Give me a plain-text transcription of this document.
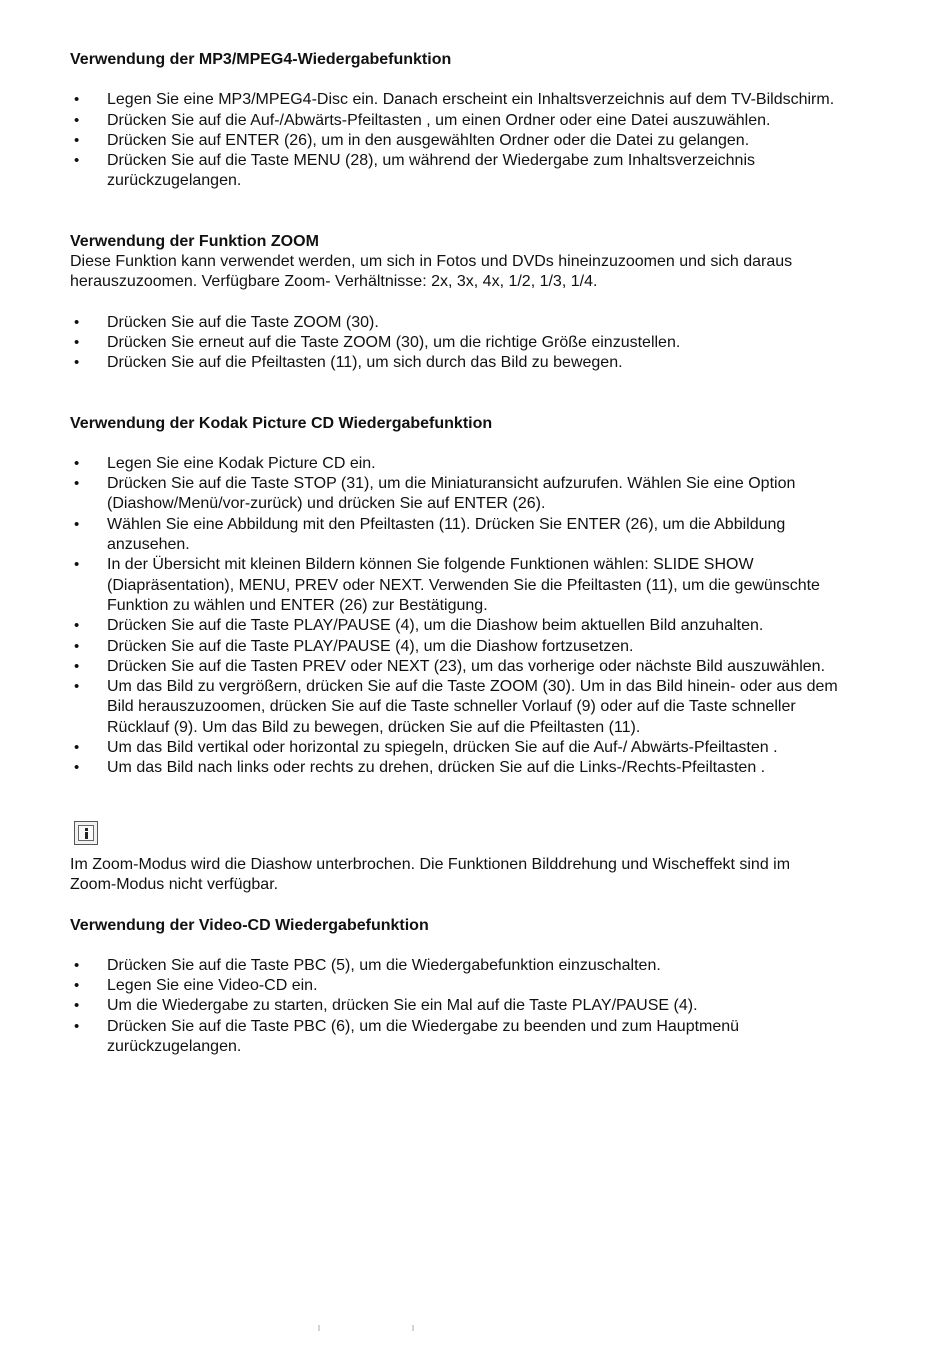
Verwendung der MP3/MPEG4-Wiedergabefunktion
• Legen Sie eine MP3/MPEG4-Disc ein. Danach erscheint ein Inhaltsverzeichnis auf dem TV-Bildschirm.
• Drücken Sie auf die Auf-/Abwärts-Pfeiltasten , um einen Ordner oder eine Datei auszuwählen.
• Drücken Sie auf ENTER (26), um in den ausgewählten Ordner oder die Datei zu gelangen.
• Drücken Sie auf die Taste MENU (28), um während der Wiedergabe zum Inhaltsverzeichnis zurückzugelangen.
Verwendung der Funktion ZOOM

Diese Funktion kann verwendet werden, um sich in Fotos und DVDs hineinzuzoomen und sich daraus herauszuzoomen. Verfügbare Zoom- Verhältnisse: 2x, 3x, 4x, 1/2, 1/3, 1/4.

• Drücken Sie auf die Taste ZOOM (30).
• Drücken Sie erneut auf die Taste ZOOM (30), um die richtige Größe einzustellen.
• Drücken Sie auf die Pfeiltasten (11), um sich durch das Bild zu bewegen.
Verwendung der Kodak Picture CD Wiedergabefunktion
• Legen Sie eine Kodak Picture CD ein.
• Drücken Sie auf die Taste STOP (31), um die Miniaturansicht aufzurufen. Wählen Sie eine Option (Diashow/Menü/vor-zurück) und drücken Sie auf ENTER (26).
• Wählen Sie eine Abbildung mit den Pfeiltasten (11). Drücken Sie ENTER (26), um die Abbildung anzusehen.
• In der Übersicht mit kleinen Bildern können Sie folgende Funktionen wählen: SLIDE SHOW (Diapräsentation), MENU, PREV oder NEXT. Verwenden Sie die Pfeiltasten (11), um die gewünschte Funktion zu wählen und ENTER (26) zur Bestätigung.
• Drücken Sie auf die Taste PLAY/PAUSE (4), um die Diashow beim aktuellen Bild anzuhalten.
• Drücken Sie auf die Taste PLAY/PAUSE (4), um die Diashow fortzusetzen.
• Drücken Sie auf die Tasten PREV oder NEXT (23), um das vorherige oder nächste Bild auszuwählen.
• Um das Bild zu vergrößern, drücken Sie auf die Taste ZOOM (30). Um in das Bild hinein- oder aus dem Bild herauszuzoomen, drücken Sie auf die Taste schneller Vorlauf (9) oder auf die Taste schneller Rücklauf (9). Um das Bild zu bewegen, drücken Sie auf die Pfeiltasten (11).
• Um das Bild vertikal oder horizontal zu spiegeln, drücken Sie auf die Auf-/ Abwärts-Pfeiltasten .
• Um das Bild nach links oder rechts zu drehen, drücken Sie auf die Links-/Rechts-Pfeiltasten .

Im Zoom-Modus wird die Diashow unterbrochen. Die Funktionen Bilddrehung und Wischeffekt sind im Zoom-Modus nicht verfügbar.

Verwendung der Video-CD Wiedergabefunktion
• Drücken Sie auf die Taste PBC (5), um die Wiedergabefunktion einzuschalten.
• Legen Sie eine Video-CD ein.
• Um die Wiedergabe zu starten, drücken Sie ein Mal auf die Taste PLAY/PAUSE (4).
• Drücken Sie auf die Taste PBC (6), um die Wiedergabe zu beenden und zum Hauptmenü zurückzugelangen.
